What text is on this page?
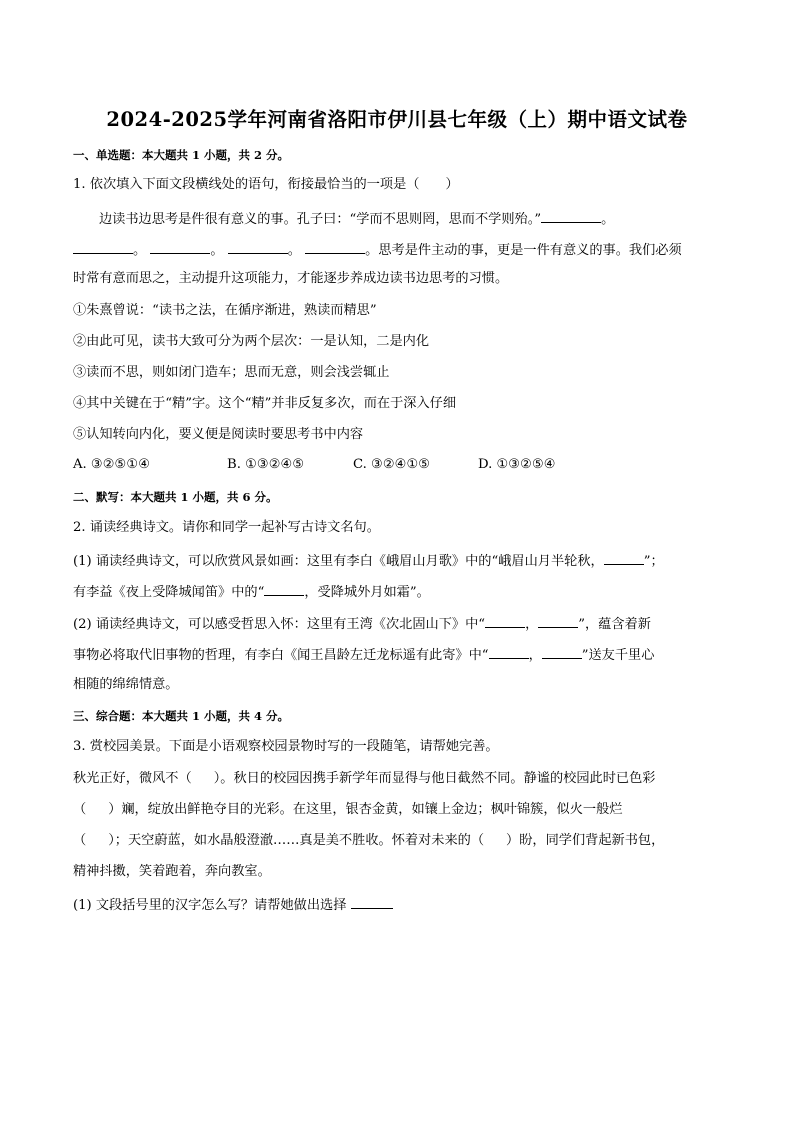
2024-2025学年河南省洛阳市伊川县七年级（上）期中语文试卷
一、单选题：本大题共 1 小题，共 2 分。
1. 依次填入下面文段横线处的语句，衔接最恰当的一项是（ ）
边读书边思考是件很有意义的事。孔子曰：“学而不思则罔，思而不学则殆。”	。
。	。	。	。思考是件主动的事，更是一件有意义的事。我们必须
时常有意而思之，主动提升这项能力，才能逐步养成边读书边思考的习惯。
①朱熹曾说：“读书之法，在循序渐进，熟读而精思”
②由此可见，读书大致可分为两个层次：一是认知，二是内化
③读而不思，则如闭门造车；思而无意，则会浅尝辄止
④其中关键在于“精”字。这个“精”并非反复多次，而在于深入仔细
⑤认知转向内化，要义便是阅读时要思考书中内容
A. ③②⑤①④	B. ①③②④⑤	C. ③②④①⑤	D. ①③②⑤④
二、默写：本大题共 1 小题，共 6 分。
2. 诵读经典诗文。请你和同学一起补写古诗文名句。
(1) 诵读经典诗文，可以欣赏风景如画：这里有李白《峨眉山月歌》中的“峨眉山月半轮秋，	”；
有李益《夜上受降城闻笛》中的“	，受降城外月如霜”。
(2) 诵读经典诗文，可以感受哲思入怀：这里有王湾《次北固山下》中“	，	”，蕴含着新
事物必将取代旧事物的哲理，有李白《闻王昌龄左迁龙标遥有此寄》中“	，	”送友千里心
相随的绵绵情意。
三、综合题：本大题共 1 小题，共 4 分。
3. 赏校园美景。下面是小语观察校园景物时写的一段随笔，请帮她完善。
秋光正好，微风不（ ）。秋日的校园因携手新学年而显得与他日截然不同。静谧的校园此时已色彩
（ ）斓，绽放出鲜艳夺目的光彩。在这里，银杏金黄，如镶上金边；枫叶锦簇，似火一般烂
（ ）；天空蔚蓝，如水晶般澄澈……真是美不胜收。怀着对未来的（ ）盼，同学们背起新书包，
精神抖擞，笑着跑着，奔向教室。
(1) 文段括号里的汉字怎么写？请帮她做出选择
